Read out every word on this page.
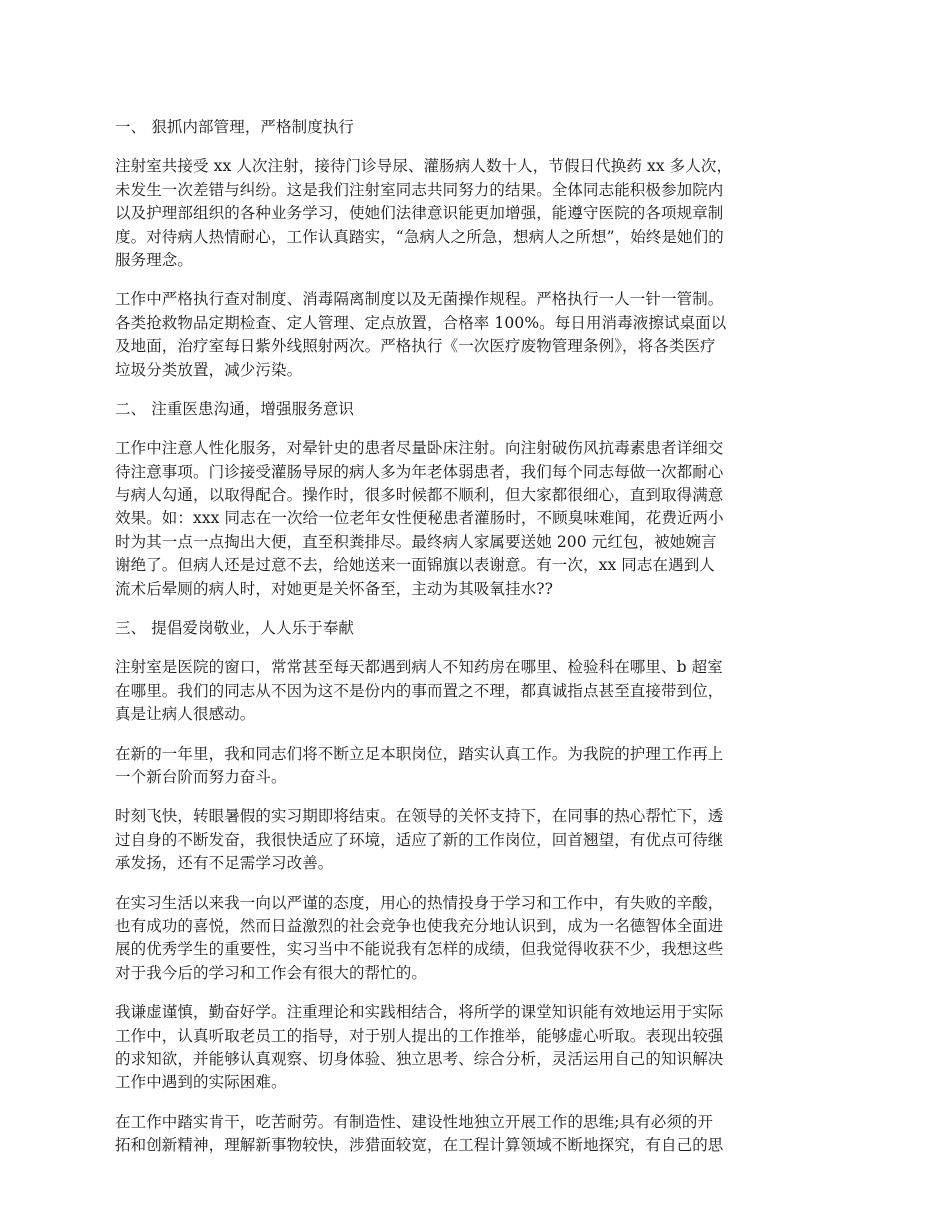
一、 狠抓内部管理，严格制度执行
注射室共接受 xx 人次注射，接待门诊导尿、灌肠病人数十人，节假日代换药 xx 多人次，
未发生一次差错与纠纷。这是我们注射室同志共同努力的结果。全体同志能积极参加院内
以及护理部组织的各种业务学习，使她们法律意识能更加增强，能遵守医院的各项规章制
度。对待病人热情耐心，工作认真踏实，“急病人之所急，想病人之所想”，始终是她们的
服务理念。
工作中严格执行查对制度、消毒隔离制度以及无菌操作规程。严格执行一人一针一管制。
各类抢救物品定期检查、定人管理、定点放置，合格率 100%。每日用消毒液擦试桌面以
及地面，治疗室每日紫外线照射两次。严格执行《一次医疗废物管理条例》，将各类医疗
垃圾分类放置，减少污染。
二、 注重医患沟通，增强服务意识
工作中注意人性化服务，对晕针史的患者尽量卧床注射。向注射破伤风抗毒素患者详细交
待注意事项。门诊接受灌肠导尿的病人多为年老体弱患者，我们每个同志每做一次都耐心
与病人勾通，以取得配合。操作时，很多时候都不顺利，但大家都很细心，直到取得满意
效果。如：xxx 同志在一次给一位老年女性便秘患者灌肠时，不顾臭味难闻，花费近两小
时为其一点一点掏出大便，直至积粪排尽。最终病人家属要送她 200 元红包，被她婉言
谢绝了。但病人还是过意不去，给她送来一面锦旗以表谢意。有一次，xx 同志在遇到人
流术后晕厕的病人时，对她更是关怀备至，主动为其吸氧挂水??
三、 提倡爱岗敬业，人人乐于奉献
注射室是医院的窗口，常常甚至每天都遇到病人不知药房在哪里、检验科在哪里、b 超室
在哪里。我们的同志从不因为这不是份内的事而置之不理，都真诚指点甚至直接带到位，
真是让病人很感动。
在新的一年里，我和同志们将不断立足本职岗位，踏实认真工作。为我院的护理工作再上
一个新台阶而努力奋斗。
时刻飞快，转眼暑假的实习期即将结束。在领导的关怀支持下，在同事的热心帮忙下，透
过自身的不断发奋，我很快适应了环境，适应了新的工作岗位，回首翘望，有优点可待继
承发扬，还有不足需学习改善。
在实习生活以来我一向以严谨的态度，用心的热情投身于学习和工作中，有失败的辛酸，
也有成功的喜悦，然而日益激烈的社会竞争也使我充分地认识到，成为一名德智体全面进
展的优秀学生的重要性，实习当中不能说我有怎样的成绩，但我觉得收获不少，我想这些
对于我今后的学习和工作会有很大的帮忙的。
我谦虚谨慎，勤奋好学。注重理论和实践相结合，将所学的课堂知识能有效地运用于实际
工作中，认真听取老员工的指导，对于别人提出的工作推举，能够虚心听取。表现出较强
的求知欲，并能够认真观察、切身体验、独立思考、综合分析，灵活运用自己的知识解决
工作中遇到的实际困难。
在工作中踏实肯干，吃苦耐劳。有制造性、建设性地独立开展工作的思维;具有必须的开
拓和创新精神，理解新事物较快，涉猎面较宽，在工程计算领域不断地探究，有自己的思
